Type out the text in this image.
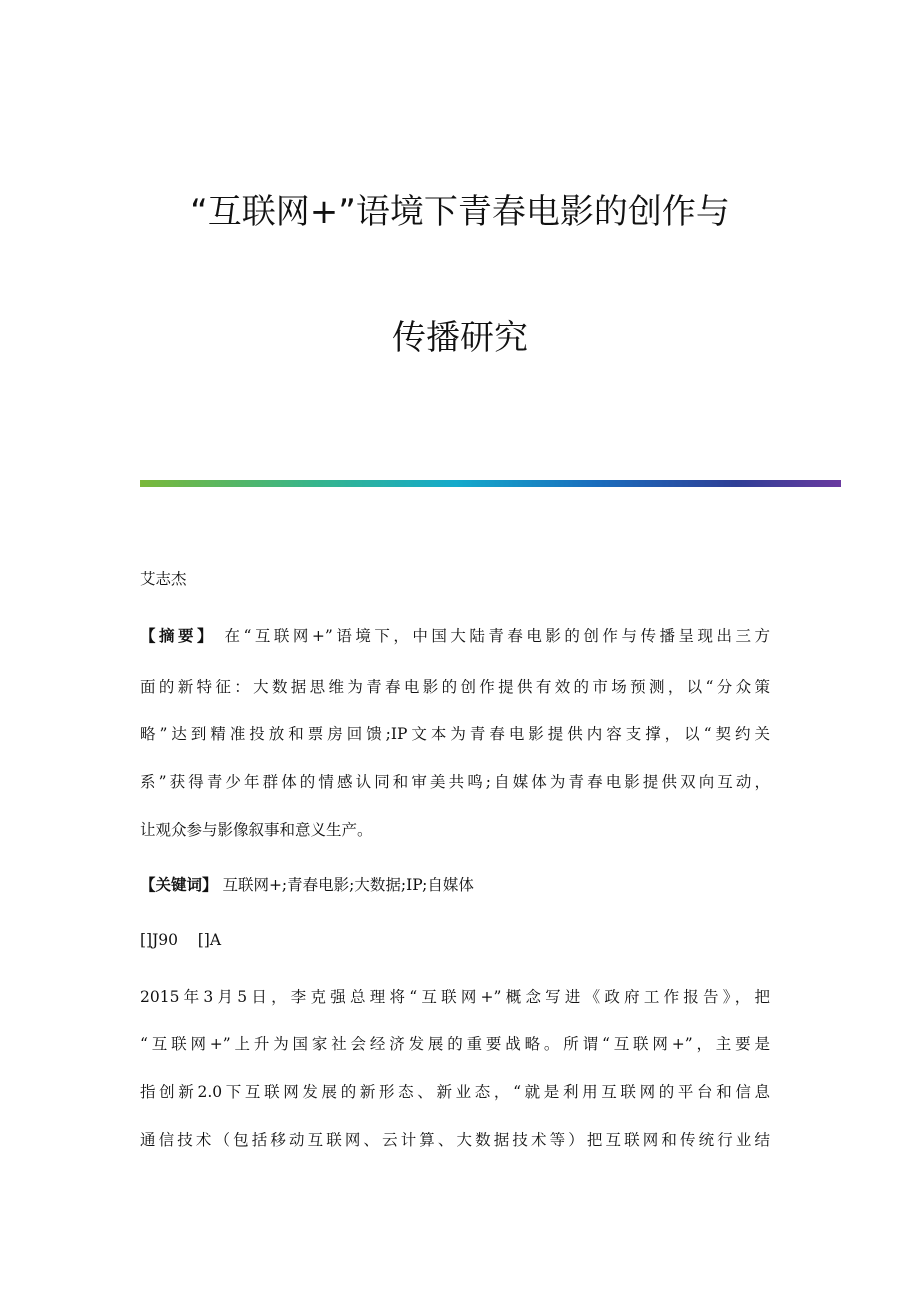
“互联网+”语境下青春电影的创作与
传播研究
艾志杰
【摘要】 在“互联网+”语境下，中国大陆青春电影的创作与传播呈现出三方
面的新特征：大数据思维为青春电影的创作提供有效的市场预测，以“分众策
略”达到精准投放和票房回馈;IP文本为青春电影提供内容支撑，以“契约关
系”获得青少年群体的情感认同和审美共鸣;自媒体为青春电影提供双向互动，
让观众参与影像叙事和意义生产。
【关键词】 互联网+;青春电影;大数据;IP;自媒体
[]J90    []A
2015年3月5日，李克强总理将“互联网+”概念写进《政府工作报告》，把
“互联网+”上升为国家社会经济发展的重要战略。所谓“互联网+”，主要是
指创新2.0下互联网发展的新形态、新业态，“就是利用互联网的平台和信息
通信技术（包括移动互联网、云计算、大数据技术等）把互联网和传统行业结
